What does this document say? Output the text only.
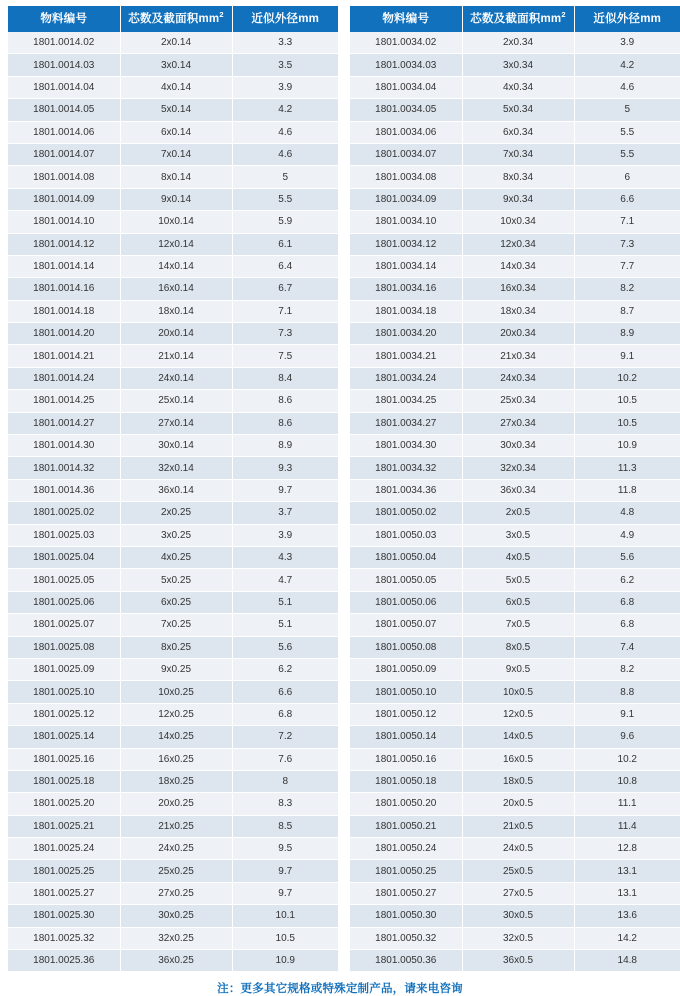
物料编号	芯数及截面积$mm^2$	近似外径mm
1801.0014.02	2x0.14	3.3
1801.0014.03	3x0.14	3.5
1801.0014.04	4x0.14	3.9
1801.0014.05	5x0.14	4.2
1801.0014.06	6x0.14	4.6
1801.0014.07	7x0.14	4.6
1801.0014.08	8x0.14	5
1801.0014.09	9x0.14	5.5
1801.0014.10	10x0.14	5.9
1801.0014.12	12x0.14	6.1
1801.0014.14	14x0.14	6.4
1801.0014.16	16x0.14	6.7
1801.0014.18	18x0.14	7.1
1801.0014.20	20x0.14	7.3
1801.0014.21	21x0.14	7.5
1801.0014.24	24x0.14	8.4
1801.0014.25	25x0.14	8.6
1801.0014.27	27x0.14	8.6
1801.0014.30	30x0.14	8.9
1801.0014.32	32x0.14	9.3
1801.0014.36	36x0.14	9.7
1801.0025.02	2x0.25	3.7
1801.0025.03	3x0.25	3.9
1801.0025.04	4x0.25	4.3
1801.0025.05	5x0.25	4.7
1801.0025.06	6x0.25	5.1
1801.0025.07	7x0.25	5.1
1801.0025.08	8x0.25	5.6
1801.0025.09	9x0.25	6.2
1801.0025.10	10x0.25	6.6
1801.0025.12	12x0.25	6.8
1801.0025.14	14x0.25	7.2
1801.0025.16	16x0.25	7.6
1801.0025.18	18x0.25	8
1801.0025.20	20x0.25	8.3
1801.0025.21	21x0.25	8.5
1801.0025.24	24x0.25	9.5
1801.0025.25	25x0.25	9.7
1801.0025.27	27x0.25	9.7
1801.0025.30	30x0.25	10.1
1801.0025.32	32x0.25	10.5
1801.0025.36	36x0.25	10.9
物料编号	芯数及截面积$mm^2$	近似外径mm
1801.0034.02	2x0.34	3.9
1801.0034.03	3x0.34	4.2
1801.0034.04	4x0.34	4.6
1801.0034.05	5x0.34	5
1801.0034.06	6x0.34	5.5
1801.0034.07	7x0.34	5.5
1801.0034.08	8x0.34	6
1801.0034.09	9x0.34	6.6
1801.0034.10	10x0.34	7.1
1801.0034.12	12x0.34	7.3
1801.0034.14	14x0.34	7.7
1801.0034.16	16x0.34	8.2
1801.0034.18	18x0.34	8.7
1801.0034.20	20x0.34	8.9
1801.0034.21	21x0.34	9.1
1801.0034.24	24x0.34	10.2
1801.0034.25	25x0.34	10.5
1801.0034.27	27x0.34	10.5
1801.0034.30	30x0.34	10.9
1801.0034.32	32x0.34	11.3
1801.0034.36	36x0.34	11.8
1801.0050.02	2x0.5	4.8
1801.0050.03	3x0.5	4.9
1801.0050.04	4x0.5	5.6
1801.0050.05	5x0.5	6.2
1801.0050.06	6x0.5	6.8
1801.0050.07	7x0.5	6.8
1801.0050.08	8x0.5	7.4
1801.0050.09	9x0.5	8.2
1801.0050.10	10x0.5	8.8
1801.0050.12	12x0.5	9.1
1801.0050.14	14x0.5	9.6
1801.0050.16	16x0.5	10.2
1801.0050.18	18x0.5	10.8
1801.0050.20	20x0.5	11.1
1801.0050.21	21x0.5	11.4
1801.0050.24	24x0.5	12.8
1801.0050.25	25x0.5	13.1
1801.0050.27	27x0.5	13.1
1801.0050.30	30x0.5	13.6
1801.0050.32	32x0.5	14.2
1801.0050.36	36x0.5	14.8
注：更多其它规格或特殊定制产品，请来电咨询
